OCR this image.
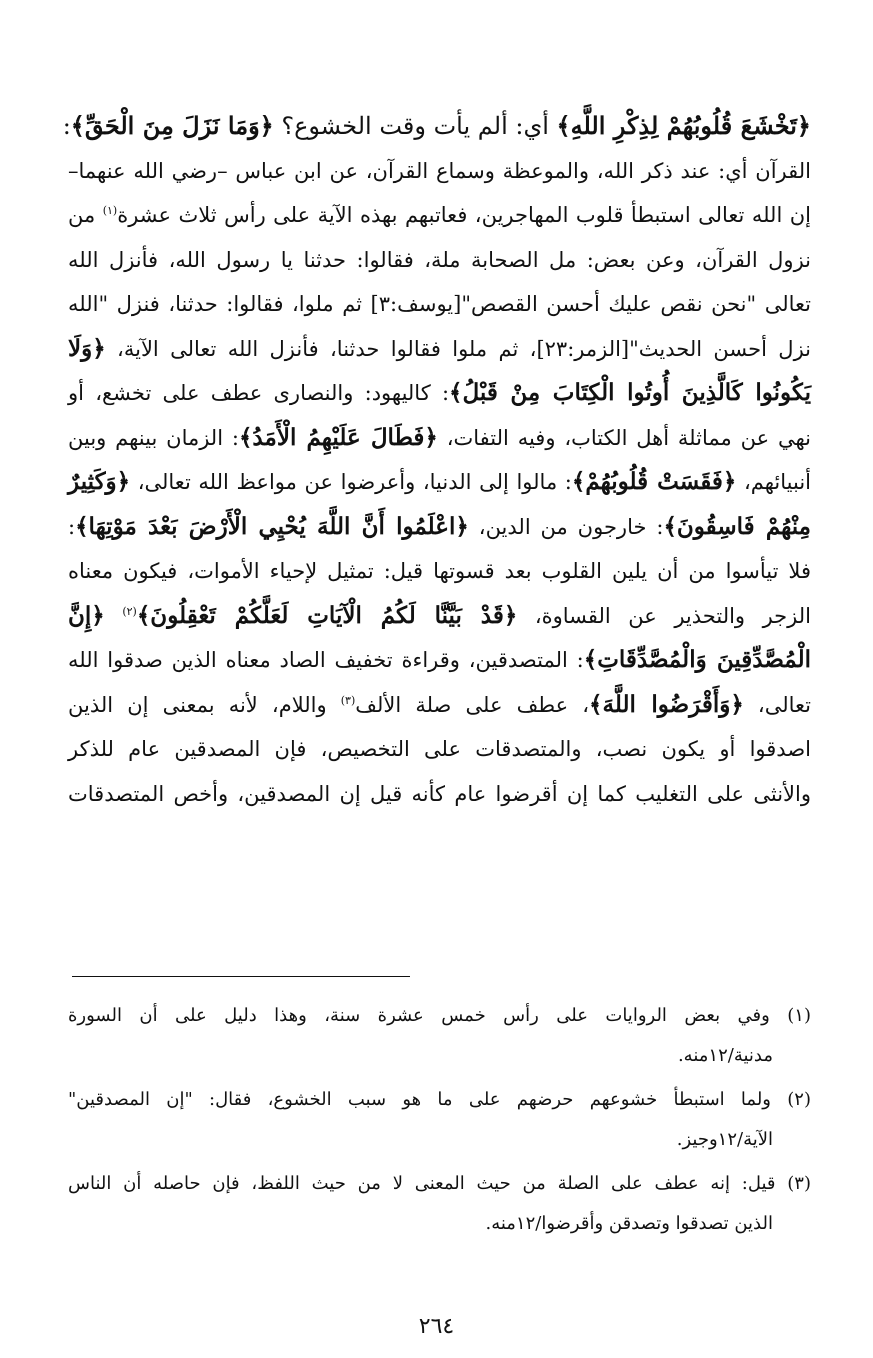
﴿تَخْشَعَ قُلُوبُهُمْ لِذِكْرِ اللَّهِ﴾ أي: ألم يأت وقت الخشوع؟ ﴿وَمَا نَزَلَ مِنَ الْحَقِّ﴾:
القرآن أي: عند ذكر الله، والموعظة وسماع القرآن، عن ابن عباس –رضي الله عنهما–
إن الله تعالى استبطأ قلوب المهاجرين، فعاتبهم بهذه الآية على رأس ثلاث عشرة$^{(١)}$ من
نزول القرآن، وعن بعض: مل الصحابة ملة، فقالوا: حدثنا يا رسول الله، فأنزل الله
تعالى "نحن نقص عليك أحسن القصص"[يوسف:٣] ثم ملوا، فقالوا: حدثنا، فنزل "الله
نزل أحسن الحديث"[الزمر:٢٣]، ثم ملوا فقالوا حدثنا، فأنزل الله تعالى الآية، ﴿وَلَا
يَكُونُوا كَالَّذِينَ أُوتُوا الْكِتَابَ مِنْ قَبْلُ﴾: كاليهود: والنصارى عطف على تخشع، أو
نهي عن مماثلة أهل الكتاب، وفيه التفات، ﴿فَطَالَ عَلَيْهِمُ الْأَمَدُ﴾: الزمان بينهم وبين
أنبيائهم، ﴿فَقَسَتْ قُلُوبُهُمْ﴾: مالوا إلى الدنيا، وأعرضوا عن مواعظ الله تعالى، ﴿وَكَثِيرٌ
مِنْهُمْ فَاسِقُونَ﴾: خارجون من الدين، ﴿اعْلَمُوا أَنَّ اللَّهَ يُحْيِي الْأَرْضَ بَعْدَ مَوْتِهَا﴾:
فلا تيأسوا من أن يلين القلوب بعد قسوتها قيل: تمثيل لإحياء الأموات، فيكون معناه
الزجر والتحذير عن القساوة، ﴿قَدْ بَيَّنَّا لَكُمُ الْآيَاتِ لَعَلَّكُمْ تَعْقِلُونَ﴾$^{(٢)}$ ﴿إِنَّ
الْمُصَّدِّقِينَ وَالْمُصَّدِّقَاتِ﴾: المتصدقين، وقراءة تخفيف الصاد معناه الذين صدقوا الله
تعالى، ﴿وَأَقْرَضُوا اللَّهَ﴾، عطف على صلة الألف$^{(٣)}$ واللام، لأنه بمعنى إن الذين
اصدقوا أو يكون نصب، والمتصدقات على التخصيص، فإن المصدقين عام للذكر
والأنثى على التغليب كما إن أقرضوا عام كأنه قيل إن المصدقين، وأخص المتصدقات
(١) وفي بعض الروايات على رأس خمس عشرة سنة، وهذا دليل على أن السورة
مدنية/١٢منه.
(٢) ولما استبطأ خشوعهم حرضهم على ما هو سبب الخشوع، فقال: "إن المصدقين"
الآية/١٢وجيز.
(٣) قيل: إنه عطف على الصلة من حيث المعنى لا من حيث اللفظ، فإن حاصله أن الناس
الذين تصدقوا وتصدقن وأقرضوا/١٢منه.
٢٦٤
